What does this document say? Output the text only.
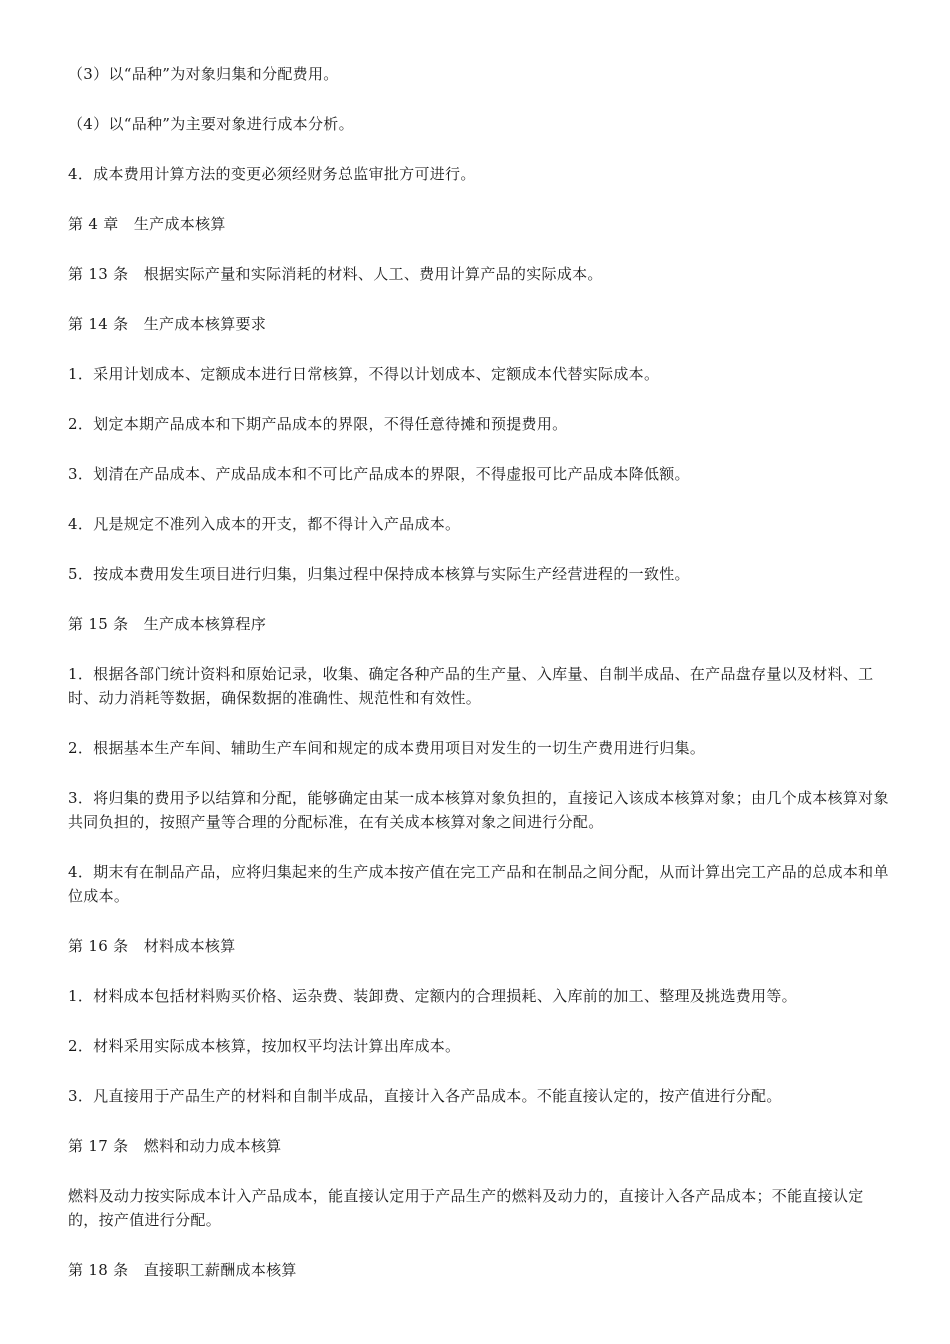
（3）以“品种”为对象归集和分配费用。

（4）以“品种”为主要对象进行成本分析。

4．成本费用计算方法的变更必须经财务总监审批方可进行。

第 4 章　生产成本核算

第 13 条　根据实际产量和实际消耗的材料、人工、费用计算产品的实际成本。

第 14 条　生产成本核算要求

1．采用计划成本、定额成本进行日常核算，不得以计划成本、定额成本代替实际成本。

2．划定本期产品成本和下期产品成本的界限，不得任意待摊和预提费用。

3．划清在产品成本、产成品成本和不可比产品成本的界限，不得虚报可比产品成本降低额。

4．凡是规定不准列入成本的开支，都不得计入产品成本。

5．按成本费用发生项目进行归集，归集过程中保持成本核算与实际生产经营进程的一致性。

第 15 条　生产成本核算程序

1．根据各部门统计资料和原始记录，收集、确定各种产品的生产量、入库量、自制半成品、在产品盘存量以及材料、工时、动力消耗等数据，确保数据的准确性、规范性和有效性。

2．根据基本生产车间、辅助生产车间和规定的成本费用项目对发生的一切生产费用进行归集。

3．将归集的费用予以结算和分配，能够确定由某一成本核算对象负担的，直接记入该成本核算对象；由几个成本核算对象共同负担的，按照产量等合理的分配标准，在有关成本核算对象之间进行分配。

4．期末有在制品产品，应将归集起来的生产成本按产值在完工产品和在制品之间分配，从而计算出完工产品的总成本和单位成本。

第 16 条　材料成本核算

1．材料成本包括材料购买价格、运杂费、装卸费、定额内的合理损耗、入库前的加工、整理及挑选费用等。

2．材料采用实际成本核算，按加权平均法计算出库成本。

3．凡直接用于产品生产的材料和自制半成品，直接计入各产品成本。不能直接认定的，按产值进行分配。

第 17 条　燃料和动力成本核算

燃料及动力按实际成本计入产品成本，能直接认定用于产品生产的燃料及动力的，直接计入各产品成本；不能直接认定的，按产值进行分配。

第 18 条　直接职工薪酬成本核算
